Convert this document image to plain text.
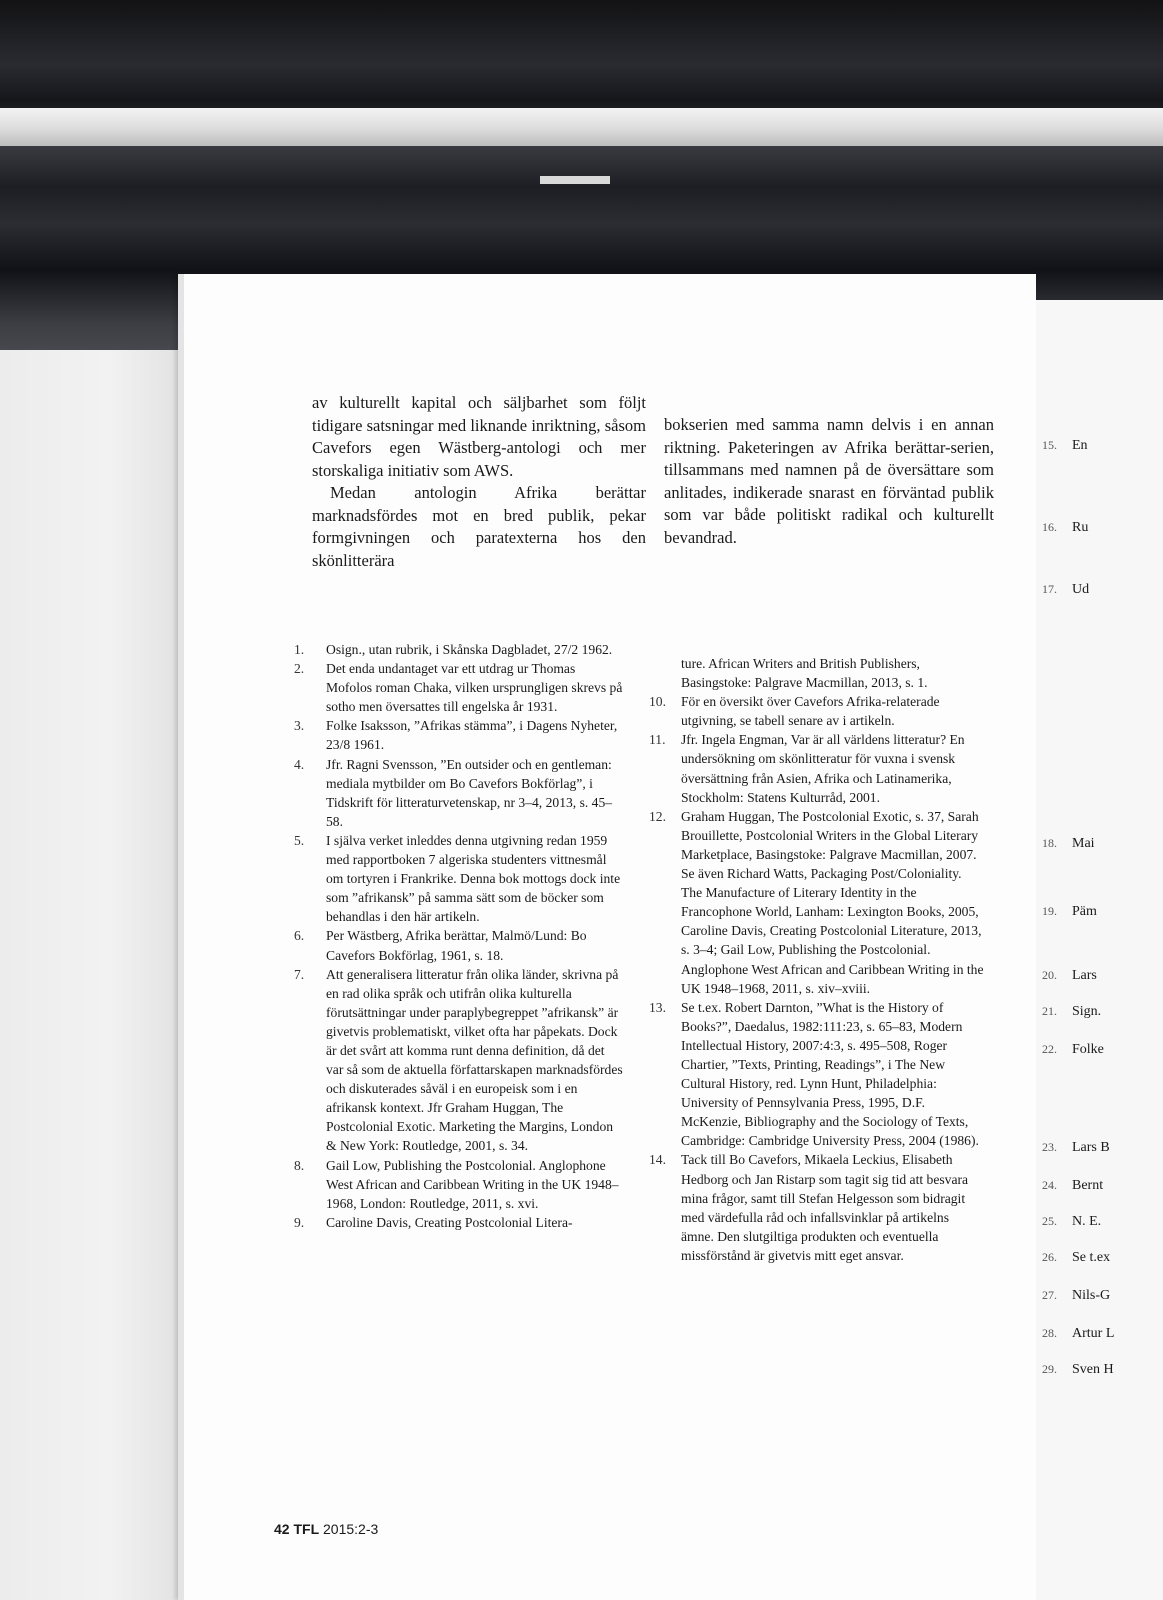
15. En
16. Ru
17. Ud
18. Mai
19. Päm
20. Lars
21. Sign.
22. Folke
23. Lars B
24. Bernt
25. N. E.
26. Se t.ex
27. Nils-G
28. Artur L
29. Sven H

av kulturellt kapital och säljbarhet som följt tidigare satsningar med liknande inriktning, såsom Cavefors egen Wästberg-antologi och mer storskaliga initiativ som AWS.

Medan antologin Afrika berättar marknadsfördes mot en bred publik, pekar formgivningen och paratexterna hos den skönlitterära

bokserien med samma namn delvis i en annan riktning. Paketeringen av Afrika berättar-serien, tillsammans med namnen på de översättare som anlitades, indikerade snarast en förväntad publik som var både politiskt radikal och kulturellt bevandrad.

1.	Osign., utan rubrik, i Skånska Dagbladet, 27/2 1962.

2.	Det enda undantaget var ett utdrag ur Thomas Mofolos roman Chaka, vilken ursprungligen skrevs på sotho men översattes till engelska år 1931.

3.	Folke Isaksson, ”Afrikas stämma”, i Dagens Nyheter, 23/8 1961.

4.	Jfr. Ragni Svensson, ”En outsider och en gentleman: mediala mytbilder om Bo Cavefors Bokförlag”, i Tidskrift för litteraturvetenskap, nr 3–4, 2013, s. 45–58.

5.	I själva verket inleddes denna utgivning redan 1959 med rapportboken 7 algeriska studenters vittnesmål om tortyren i Frankrike. Denna bok mottogs dock inte som ”afrikansk” på samma sätt som de böcker som behandlas i den här artikeln.

6.	Per Wästberg, Afrika berättar, Malmö/Lund: Bo Cavefors Bokförlag, 1961, s. 18.

7.	Att generalisera litteratur från olika länder, skrivna på en rad olika språk och utifrån olika kulturella förutsättningar under paraplybegreppet ”afrikansk” är givetvis problematiskt, vilket ofta har påpekats. Dock är det svårt att komma runt denna definition, då det var så som de aktuella författarskapen marknadsfördes och diskuterades såväl i en europeisk som i en afrikansk kontext. Jfr Graham Huggan, The Postcolonial Exotic. Marketing the Margins, London & New York: Routledge, 2001, s. 34.

8.	Gail Low, Publishing the Postcolonial. Anglophone West African and Caribbean Writing in the UK 1948–1968, London: Routledge, 2011, s. xvi.

9.	Caroline Davis, Creating Postcolonial Litera-

ture. African Writers and British Publishers, Basingstoke: Palgrave Macmillan, 2013, s. 1.

10.	För en översikt över Cavefors Afrika-relaterade utgivning, se tabell senare av i artikeln.

11.	Jfr. Ingela Engman, Var är all världens litteratur? En undersökning om skönlitteratur för vuxna i svensk översättning från Asien, Afrika och Latinamerika, Stockholm: Statens Kulturråd, 2001.

12.	Graham Huggan, The Postcolonial Exotic, s. 37, Sarah Brouillette, Postcolonial Writers in the Global Literary Marketplace, Basingstoke: Palgrave Macmillan, 2007. Se även Richard Watts, Packaging Post/Coloniality. The Manufacture of Literary Identity in the Francophone World, Lanham: Lexington Books, 2005, Caroline Davis, Creating Postcolonial Literature, 2013, s. 3–4; Gail Low, Publishing the Postcolonial. Anglophone West African and Caribbean Writing in the UK 1948–1968, 2011, s. xiv–xviii.

13.	Se t.ex. Robert Darnton, ”What is the History of Books?”, Daedalus, 1982:111:23, s. 65–83, Modern Intellectual History, 2007:4:3, s. 495–508, Roger Chartier, ”Texts, Printing, Readings”, i The New Cultural History, red. Lynn Hunt, Philadelphia: University of Pennsylvania Press, 1995, D.F. McKenzie, Bibliography and the Sociology of Texts, Cambridge: Cambridge University Press, 2004 (1986).

14.	Tack till Bo Cavefors, Mikaela Leckius, Elisabeth Hedborg och Jan Ristarp som tagit sig tid att besvara mina frågor, samt till Stefan Helgesson som bidragit med värdefulla råd och infallsvinklar på artikelns ämne. Den slutgiltiga produkten och eventuella missförstånd är givetvis mitt eget ansvar.

42 TFL 2015:2-3
